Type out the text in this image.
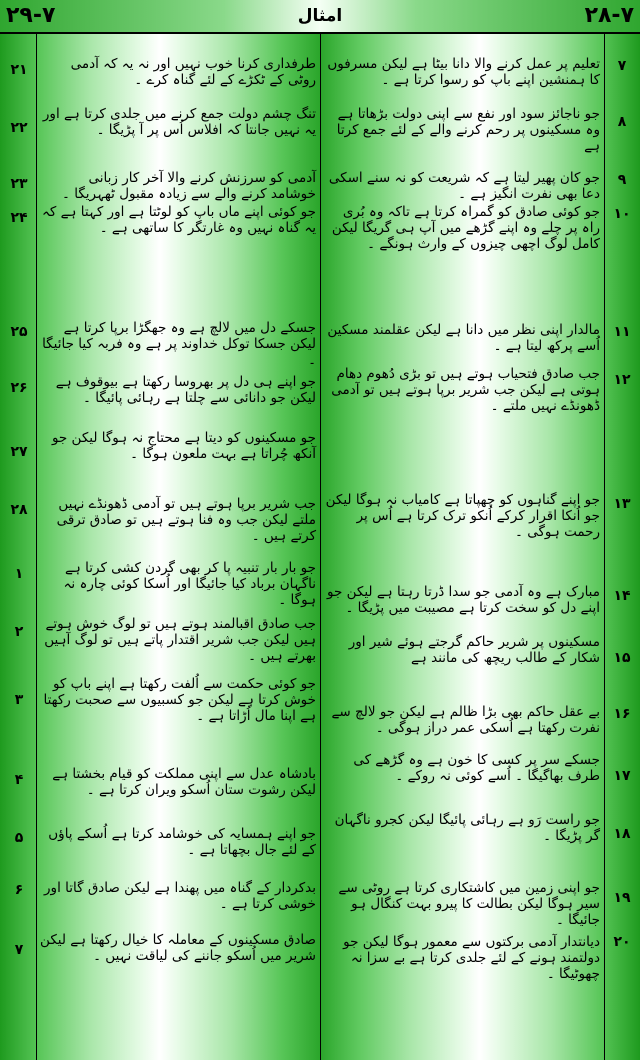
۲۹-۷	امثال	۲۸-۷
۷
تعلیم پر عمل کرنے والا دانا بیٹا ہے لیکن مسرفوں کا ہمنشین اپنے باپ کو رسوا کرتا ہے ۔
۸
جو ناجائز سود اور نفع سے اپنی دولت بڑھاتا ہے وہ مسکینوں پر رحم کرنے والے کے لئے جمع کرتا ہے
۹
جو کان پھیر لیتا ہے کہ شریعت کو نہ سنے اسکی دعا بھی نفرت انگیز ہے ۔
۱۰
جو کوئی صادق کو گمراہ کرتا ہے تاکہ وہ بُری راہ پر چلے وہ اپنے گڑھے میں آپ ہی گریگا لیکن کامل لوگ اچھی چیزوں کے وارث ہونگے ۔
۱۱
مالدار اپنی نظر میں دانا ہے لیکن عقلمند مسکین اُسے پرکھ لیتا ہے ۔
۱۲
جب صادق فتحیاب ہوتے ہیں تو بڑی دُھوم دھام ہوتی ہے لیکن جب شریر برپا ہوتے ہیں تو آدمی ڈھونڈے نہیں ملتے ۔
۱۳
جو اپنے گناہوں کو چھپاتا ہے کامیاب نہ ہوگا لیکن جو اُنکا اقرار کرکے اُنکو ترک کرتا ہے اُس پر رحمت ہوگی ۔
۱۴
مبارک ہے وہ آدمی جو سدا ڈرتا رہتا ہے لیکن جو اپنے دل کو سخت کرتا ہے مصیبت میں پڑیگا ۔
۱۵
مسکینوں پر شریر حاکم گرجتے ہوئے شیر اور شکار کے طالب ریچھ کی مانند ہے
۱۶
بے عقل حاکم بھی بڑا ظالم ہے لیکن جو لالچ سے نفرت رکھتا ہے اُسکی عمر دراز ہوگی ۔
۱۷
جسکے سر پر کسی کا خون ہے وہ گڑھے کی طرف بھاگیگا ۔ اُسے کوئی نہ روکے ۔
۱۸
جو راست رَو ہے رہائی پائیگا لیکن کجرو ناگہان گر پڑیگا ۔
۱۹
جو اپنی زمین میں کاشتکاری کرتا ہے روٹی سے سیر ہوگا لیکن بطالت کا پیرو بہت کنگال ہو جائیگا ۔
۲۰
دیانتدار آدمی برکتوں سے معمور ہوگا لیکن جو دولتمند ہونے کے لئے جلدی کرتا ہے بے سزا نہ چھوٹیگا ۔
۲۱	طرفداری کرنا خوب نہیں اور نہ یہ کہ آدمی روٹی کے ٹکڑے کے لئے گناہ کرے ۔
۲۲
تنگ چشم دولت جمع کرنے میں جلدی کرتا ہے اور یہ نہیں جانتا کہ افلاس اُس پر آ پڑیگا ۔
۲۳	آدمی کو سرزنش کرنے والا آخر کار زبانی خوشامد کرنے والے سے زیادہ مقبول ٹھہریگا ۔
۲۴	جو کوئی اپنے ماں باپ کو لوٹتا ہے اور کہتا ہے کہ یہ گناہ نہیں وہ غارتگر کا ساتھی ہے ۔
۲۵	جسکے دل میں لالچ ہے وہ جھگڑا برپا کرتا ہے لیکن جسکا توکل خداوند پر ہے وہ فربہ کیا جائیگا ۔
۲۶	جو اپنے ہی دل پر بھروسا رکھتا ہے بیوقوف ہے لیکن جو دانائی سے چلتا ہے رہائی پائیگا ۔
۲۷
جو مسکینوں کو دیتا ہے محتاج نہ ہوگا لیکن جو آنکھ چُراتا ہے بہت ملعون ہوگا ۔
۲۸	جب شریر برپا ہوتے ہیں تو آدمی ڈھونڈے نہیں ملتے لیکن جب وہ فنا ہوتے ہیں تو صادق ترقی کرتے ہیں ۔
۱	جو بار بار تنبیہ پا کر بھی گردن کشی کرتا ہے ناگہان برباد کیا جائیگا اور اُسکا کوئی چارہ نہ ہوگا ۔
۲	جب صادق اقبالمند ہوتے ہیں تو لوگ خوش ہوتے ہیں لیکن جب شریر اقتدار پاتے ہیں تو لوگ آہیں بھرتے ہیں ۔
۳
جو کوئی حکمت سے اُلفت رکھتا ہے اپنے باپ کو خوش کرتا ہے لیکن جو کسبیوں سے صحبت رکھتا ہے اپنا مال اُڑاتا ہے ۔
۴	بادشاہ عدل سے اپنی مملکت کو قیام بخشتا ہے لیکن رشوت ستان اُسکو ویران کرتا ہے ۔
۵	جو اپنے ہمسایہ کی خوشامد کرتا ہے اُسکے پاؤں کے لئے جال بچھاتا ہے ۔
۶	بدکردار کے گناہ میں پھندا ہے لیکن صادق گاتا اور خوشی کرتا ہے ۔
۷
صادق مسکینوں کے معاملہ کا خیال رکھتا ہے لیکن شریر میں اُسکو جاننے کی لیاقت نہیں ۔
